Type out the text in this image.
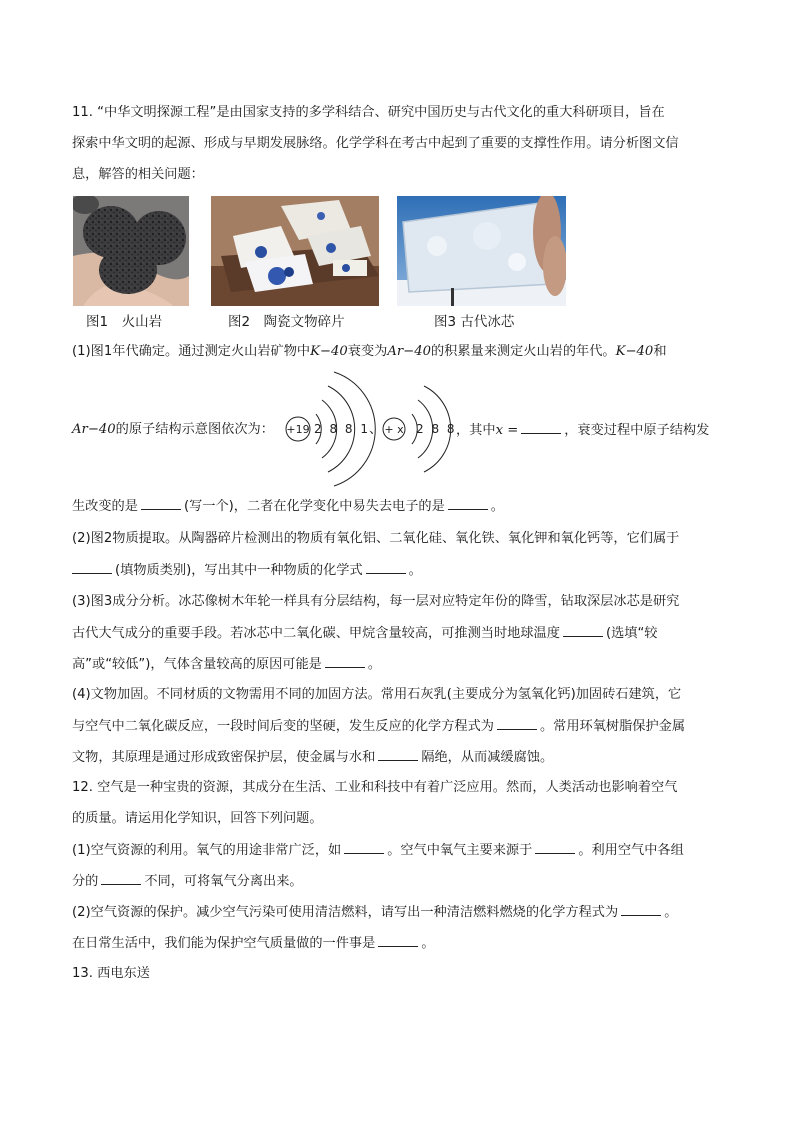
11. “中华文明探源工程”是由国家支持的多学科结合、研究中国历史与古代文化的重大科研项目，旨在
探索中华文明的起源、形成与早期发展脉络。化学学科在考古中起到了重要的支撑性作用。请分析图文信
息，解答的相关问题：
图1　火山岩	图2　陶瓷文物碎片	图3 古代冰芯
(1)图1年代确定。通过测定火山岩矿物中K−40衰变为Ar−40的积累量来测定火山岩的年代。K−40和
Ar−40的原子结构示意图依次为： +19 2 8 8 1 、 + x 2 8 8 ，其中x =	，衰变过程中原子结构发
生改变的是	(写一个)，二者在化学变化中易失去电子的是	。
(2)图2物质提取。从陶器碎片检测出的物质有氧化铝、二氧化硅、氧化铁、氧化钾和氧化钙等，它们属于
(填物质类别)，写出其中一种物质的化学式	。
(3)图3成分分析。冰芯像树木年轮一样具有分层结构，每一层对应特定年份的降雪，钻取深层冰芯是研究
古代大气成分的重要手段。若冰芯中二氧化碳、甲烷含量较高，可推测当时地球温度	(选填“较
高”或“较低”)，气体含量较高的原因可能是	。
(4)文物加固。不同材质的文物需用不同的加固方法。常用石灰乳(主要成分为氢氧化钙)加固砖石建筑，它
与空气中二氧化碳反应，一段时间后变的坚硬，发生反应的化学方程式为	。常用环氧树脂保护金属
文物，其原理是通过形成致密保护层，使金属与水和	隔绝，从而减缓腐蚀。
12. 空气是一种宝贵的资源，其成分在生活、工业和科技中有着广泛应用。然而，人类活动也影响着空气
的质量。请运用化学知识，回答下列问题。
(1)空气资源的利用。氧气的用途非常广泛，如	。空气中氧气主要来源于	。利用空气中各组
分的	不同，可将氧气分离出来。
(2)空气资源的保护。减少空气污染可使用清洁燃料，请写出一种清洁燃料燃烧的化学方程式为	。
在日常生活中，我们能为保护空气质量做的一件事是	。
13. 西电东送
